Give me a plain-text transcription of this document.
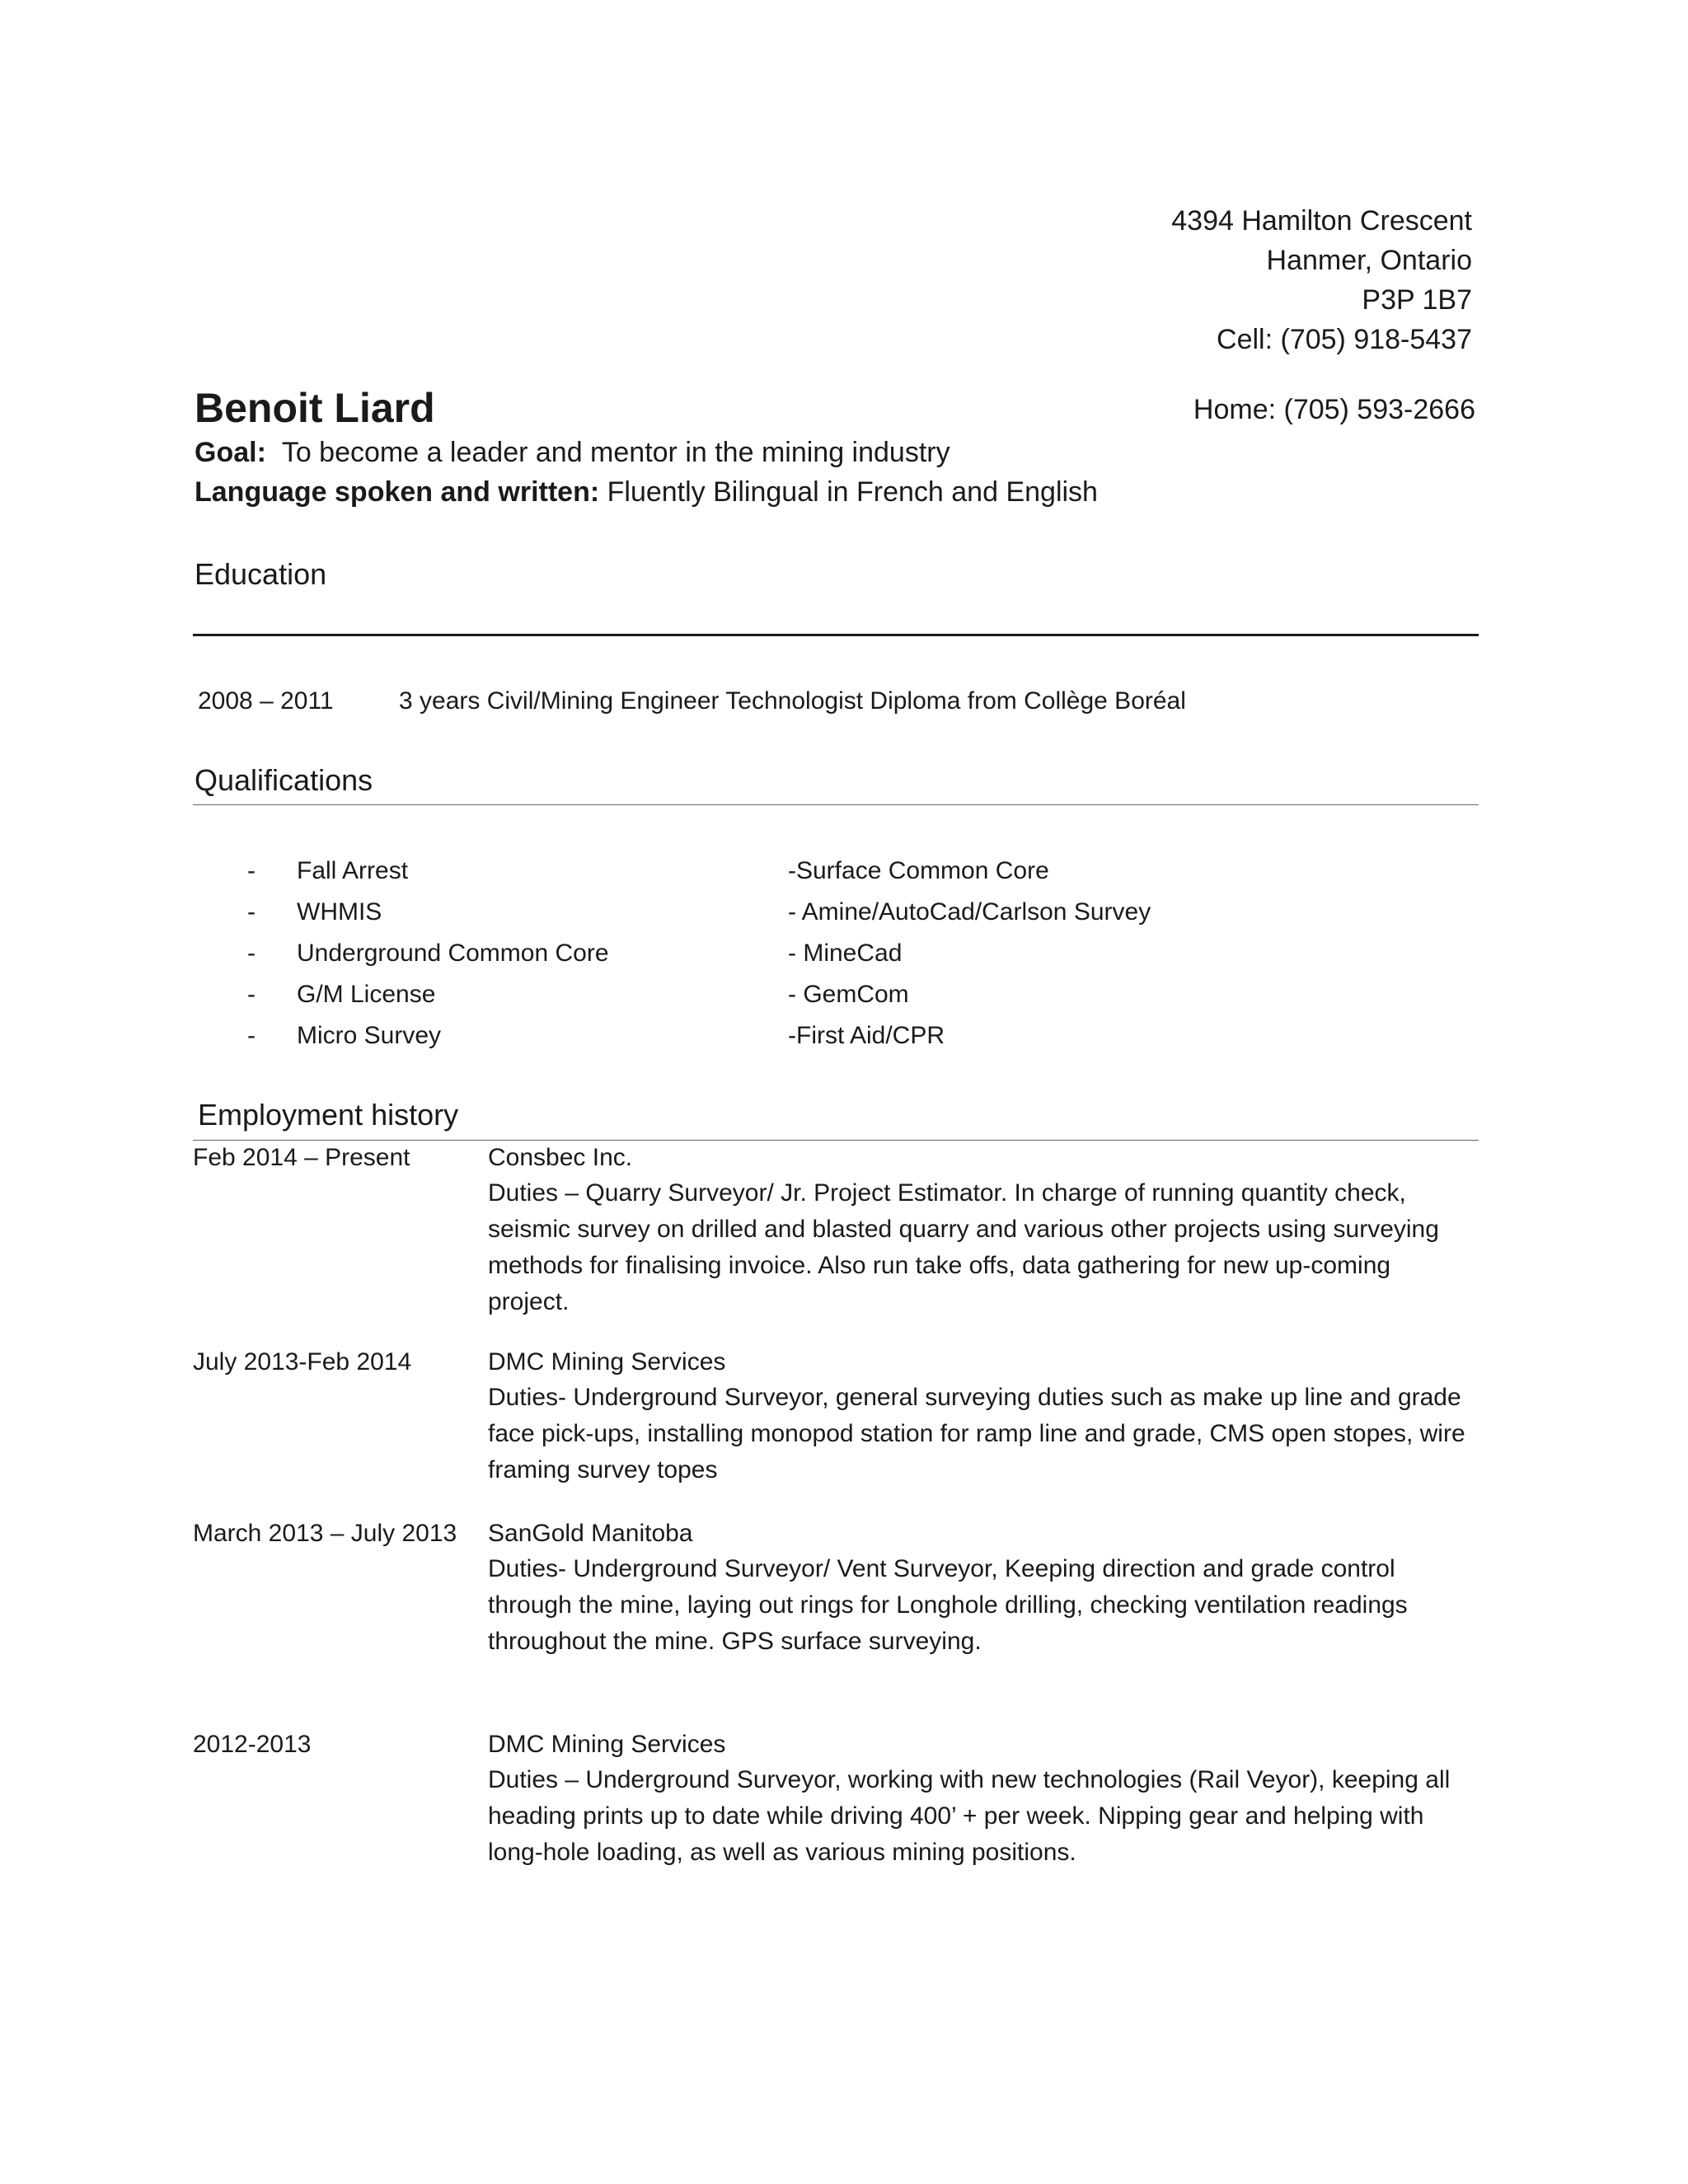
4394 Hamilton Crescent
Hanmer, Ontario
P3P 1B7
Cell: (705) 918-5437
Home: (705) 593-2666
Benoit Liard
Goal: To become a leader and mentor in the mining industry
Language spoken and written: Fluently Bilingual in French and English
Education
2008 – 2011	3 years Civil/Mining Engineer Technologist Diploma from Collège Boréal
Qualifications
- Fall Arrest	-Surface Common Core
- WHMIS	- Amine/AutoCad/Carlson Survey
- Underground Common Core	- MineCad
- G/M License	- GemCom
- Micro Survey	-First Aid/CPR
Employment history
Feb 2014 – Present	Consbec Inc.
Duties – Quarry Surveyor/ Jr. Project Estimator. In charge of running quantity check, seismic survey on drilled and blasted quarry and various other projects using surveying methods for finalising invoice. Also run take offs, data gathering for new up-coming project.
July 2013-Feb 2014	DMC Mining Services
Duties- Underground Surveyor, general surveying duties such as make up line and grade face pick-ups, installing monopod station for ramp line and grade, CMS open stopes, wire framing survey topes
March 2013 – July 2013 SanGold Manitoba
Duties- Underground Surveyor/ Vent Surveyor, Keeping direction and grade control through the mine, laying out rings for Longhole drilling, checking ventilation readings throughout the mine. GPS surface surveying.
2012-2013	DMC Mining Services
Duties – Underground Surveyor, working with new technologies (Rail Veyor), keeping all heading prints up to date while driving 400’ + per week. Nipping gear and helping with long-hole loading, as well as various mining positions.
